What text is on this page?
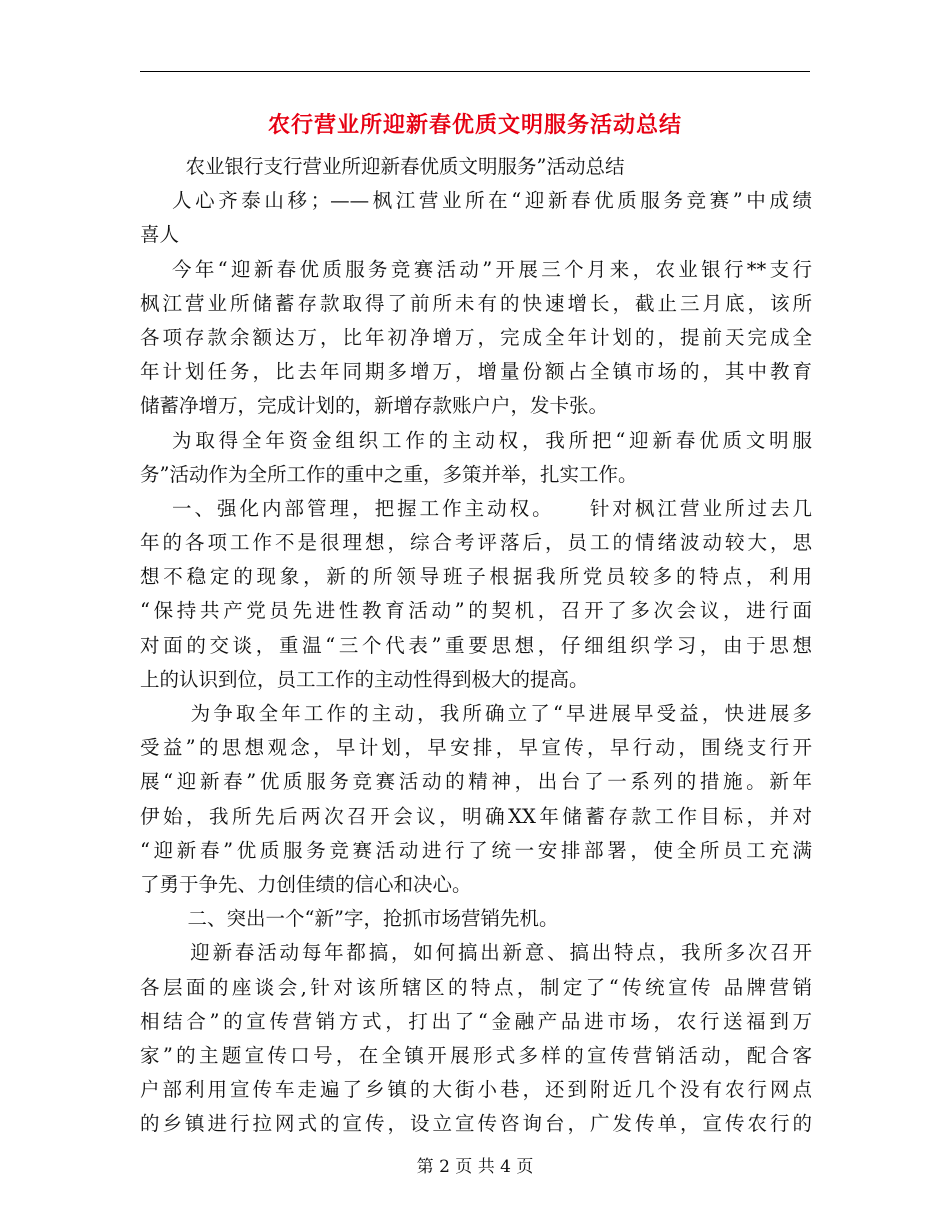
农行营业所迎新春优质文明服务活动总结
　农业银行支行营业所迎新春优质文明服务”活动总结
人心齐泰山移；——枫江营业所在“迎新春优质服务竞赛”中成绩
喜人
今年“迎新春优质服务竞赛活动”开展三个月来，农业银行**支行
枫江营业所储蓄存款取得了前所未有的快速增长，截止三月底，该所
各项存款余额达万，比年初净增万，完成全年计划的，提前天完成全
年计划任务，比去年同期多增万，增量份额占全镇市场的，其中教育
储蓄净增万，完成计划的，新增存款账户户，发卡张。
为取得全年资金组织工作的主动权，我所把“迎新春优质文明服
务”活动作为全所工作的重中之重，多策并举，扎实工作。
一、强化内部管理，把握工作主动权。　　针对枫江营业所过去几
年的各项工作不是很理想，综合考评落后，员工的情绪波动较大，思
想不稳定的现象，新的所领导班子根据我所党员较多的特点，利用
“保持共产党员先进性教育活动”的契机，召开了多次会议，进行面
对面的交谈，重温“三个代表”重要思想，仔细组织学习，由于思想
上的认识到位，员工工作的主动性得到极大的提高。
　为争取全年工作的主动，我所确立了“早进展早受益，快进展多
受益”的思想观念，早计划，早安排，早宣传，早行动，围绕支行开
展“迎新春”优质服务竞赛活动的精神，出台了一系列的措施。新年
伊始，我所先后两次召开会议，明确XX年储蓄存款工作目标，并对
“迎新春”优质服务竞赛活动进行了统一安排部署，使全所员工充满
了勇于争先、力创佳绩的信心和决心。
　二、突出一个“新”字，抢抓市场营销先机。
　迎新春活动每年都搞，如何搞出新意、搞出特点，我所多次召开
各层面的座谈会,针对该所辖区的特点，制定了“传统宣传 品牌营销
相结合”的宣传营销方式，打出了“金融产品进市场，农行送福到万
家”的主题宣传口号，在全镇开展形式多样的宣传营销活动，配合客
户部利用宣传车走遍了乡镇的大街小巷，还到附近几个没有农行网点
的乡镇进行拉网式的宣传，设立宣传咨询台，广发传单，宣传农行的
第 2 页 共 4 页
